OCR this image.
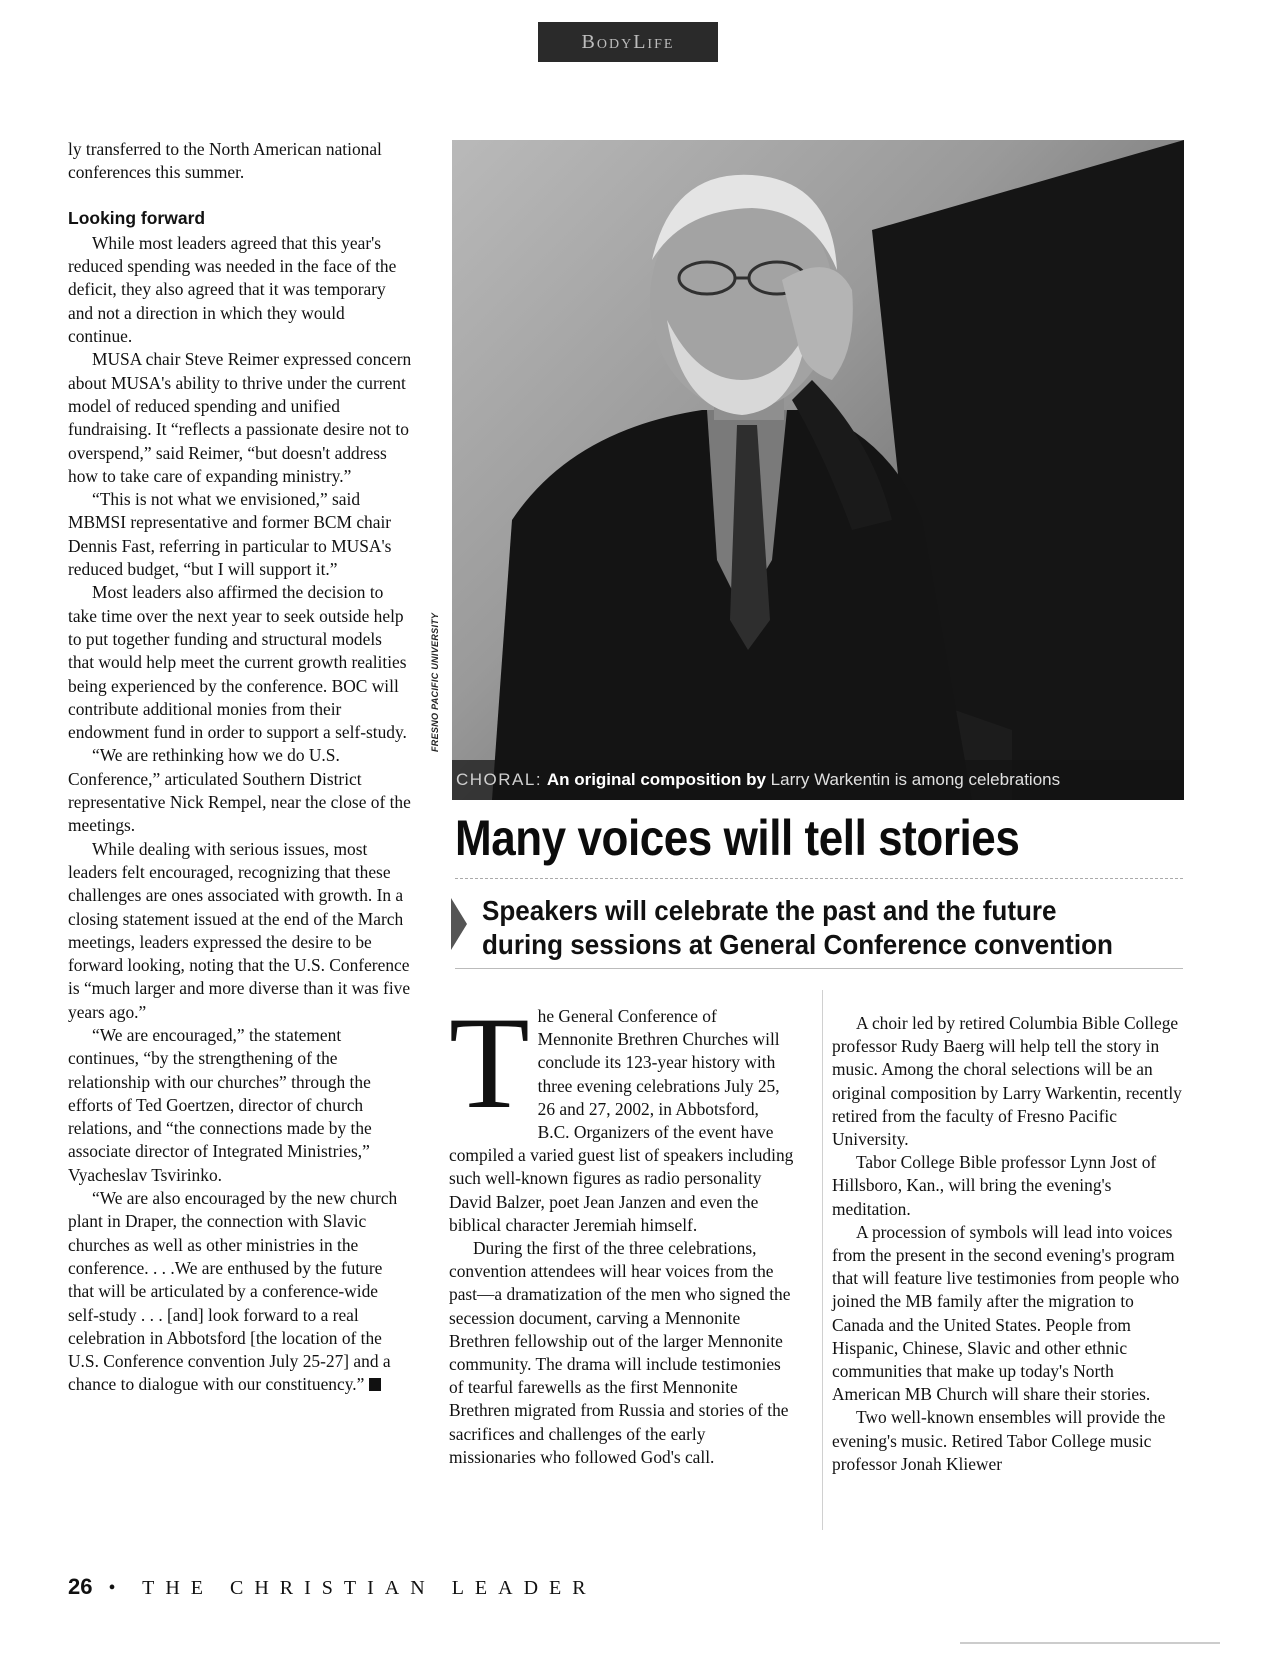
BodyLife

ly transferred to the North American national conferences this summer.

Looking forward

While most leaders agreed that this year's reduced spending was needed in the face of the deficit, they also agreed that it was temporary and not a direction in which they would continue.

MUSA chair Steve Reimer expressed concern about MUSA's ability to thrive under the current model of reduced spending and unified fundraising. It “reflects a passionate desire not to overspend,” said Reimer, “but doesn't address how to take care of expanding ministry.”

“This is not what we envisioned,” said MBMSI representative and former BCM chair Dennis Fast, referring in particular to MUSA's reduced budget, “but I will support it.”

Most leaders also affirmed the decision to take time over the next year to seek outside help to put together funding and structural models that would help meet the current growth realities being experienced by the conference. BOC will contribute additional monies from their endowment fund in order to support a self-study.

“We are rethinking how we do U.S. Conference,” articulated Southern District representative Nick Rempel, near the close of the meetings.

While dealing with serious issues, most leaders felt encouraged, recognizing that these challenges are ones associated with growth. In a closing statement issued at the end of the March meetings, leaders expressed the desire to be forward looking, noting that the U.S. Conference is “much larger and more diverse than it was five years ago.”

“We are encouraged,” the statement continues, “by the strengthening of the relationship with our churches” through the efforts of Ted Goertzen, director of church relations, and “the connections made by the associate director of Integrated Ministries,” Vyacheslav Tsvirinko.

“We are also encouraged by the new church plant in Draper, the connection with Slavic churches as well as other ministries in the conference. . . .We are enthused by the future that will be articulated by a conference-wide self-study . . . [and] look forward to a real celebration in Abbotsford [the location of the U.S. Conference convention July 25-27] and a chance to dialogue with our constituency.”

FRESNO PACIFIC UNIVERSITY
CHORAL: An original composition by Larry Warkentin is among celebrations
Many voices will tell stories
Speakers will celebrate the past and the future during sessions at General Conference convention
T he General Conference of Mennonite Brethren Churches will conclude its 123-year history with three evening celebrations July 25, 26 and 27, 2002, in Abbotsford, B.C. Organizers of the event have compiled a varied guest list of speakers including such well-known figures as radio personality David Balzer, poet Jean Janzen and even the biblical character Jeremiah himself.

During the first of the three celebrations, convention attendees will hear voices from the past—a dramatization of the men who signed the secession document, carving a Mennonite Brethren fellowship out of the larger Mennonite community. The drama will include testimonies of tearful farewells as the first Mennonite Brethren migrated from Russia and stories of the sacrifices and challenges of the early missionaries who followed God's call.

A choir led by retired Columbia Bible College professor Rudy Baerg will help tell the story in music. Among the choral selections will be an original composition by Larry Warkentin, recently retired from the faculty of Fresno Pacific University.

Tabor College Bible professor Lynn Jost of Hillsboro, Kan., will bring the evening's meditation.

A procession of symbols will lead into voices from the present in the second evening's program that will feature live testimonies from people who joined the MB family after the migration to Canada and the United States. People from Hispanic, Chinese, Slavic and other ethnic communities that make up today's North American MB Church will share their stories.

Two well-known ensembles will provide the evening's music. Retired Tabor College music professor Jonah Kliewer

26 • THE CHRISTIAN LEADER
